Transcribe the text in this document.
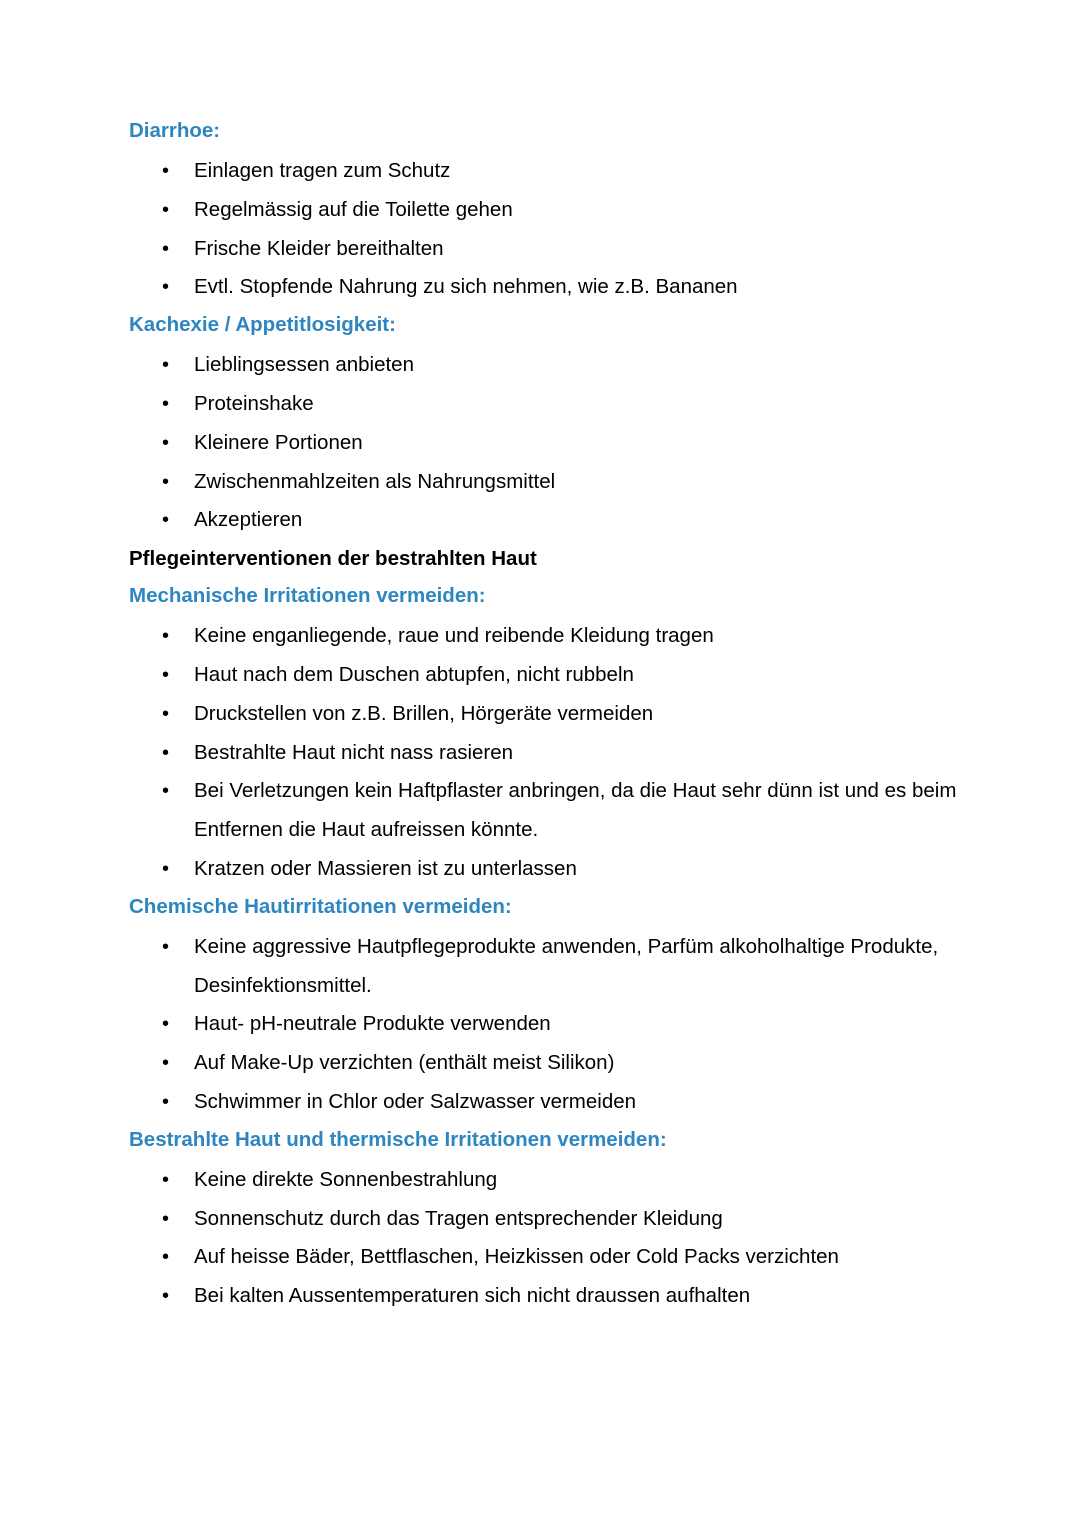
Diarrhoe:
• Einlagen tragen zum Schutz
• Regelmässig auf die Toilette gehen
• Frische Kleider bereithalten
• Evtl. Stopfende Nahrung zu sich nehmen, wie z.B. Bananen
Kachexie / Appetitlosigkeit:
• Lieblingsessen anbieten
• Proteinshake
• Kleinere Portionen
• Zwischenmahlzeiten als Nahrungsmittel
• Akzeptieren
Pflegeinterventionen der bestrahlten Haut
Mechanische Irritationen vermeiden:
• Keine enganliegende, raue und reibende Kleidung tragen
• Haut nach dem Duschen abtupfen, nicht rubbeln
• Druckstellen von z.B. Brillen, Hörgeräte vermeiden
• Bestrahlte Haut nicht nass rasieren
• Bei Verletzungen kein Haftpflaster anbringen, da die Haut sehr dünn ist und es beim Entfernen die Haut aufreissen könnte.
• Kratzen oder Massieren ist zu unterlassen
Chemische Hautirritationen vermeiden:
• Keine aggressive Hautpflegeprodukte anwenden, Parfüm alkoholhaltige Produkte, Desinfektionsmittel.
• Haut- pH-neutrale Produkte verwenden
• Auf Make-Up verzichten (enthält meist Silikon)
• Schwimmer in Chlor oder Salzwasser vermeiden
Bestrahlte Haut und thermische Irritationen vermeiden:
• Keine direkte Sonnenbestrahlung
• Sonnenschutz durch das Tragen entsprechender Kleidung
• Auf heisse Bäder, Bettflaschen, Heizkissen oder Cold Packs verzichten
• Bei kalten Aussentemperaturen sich nicht draussen aufhalten
